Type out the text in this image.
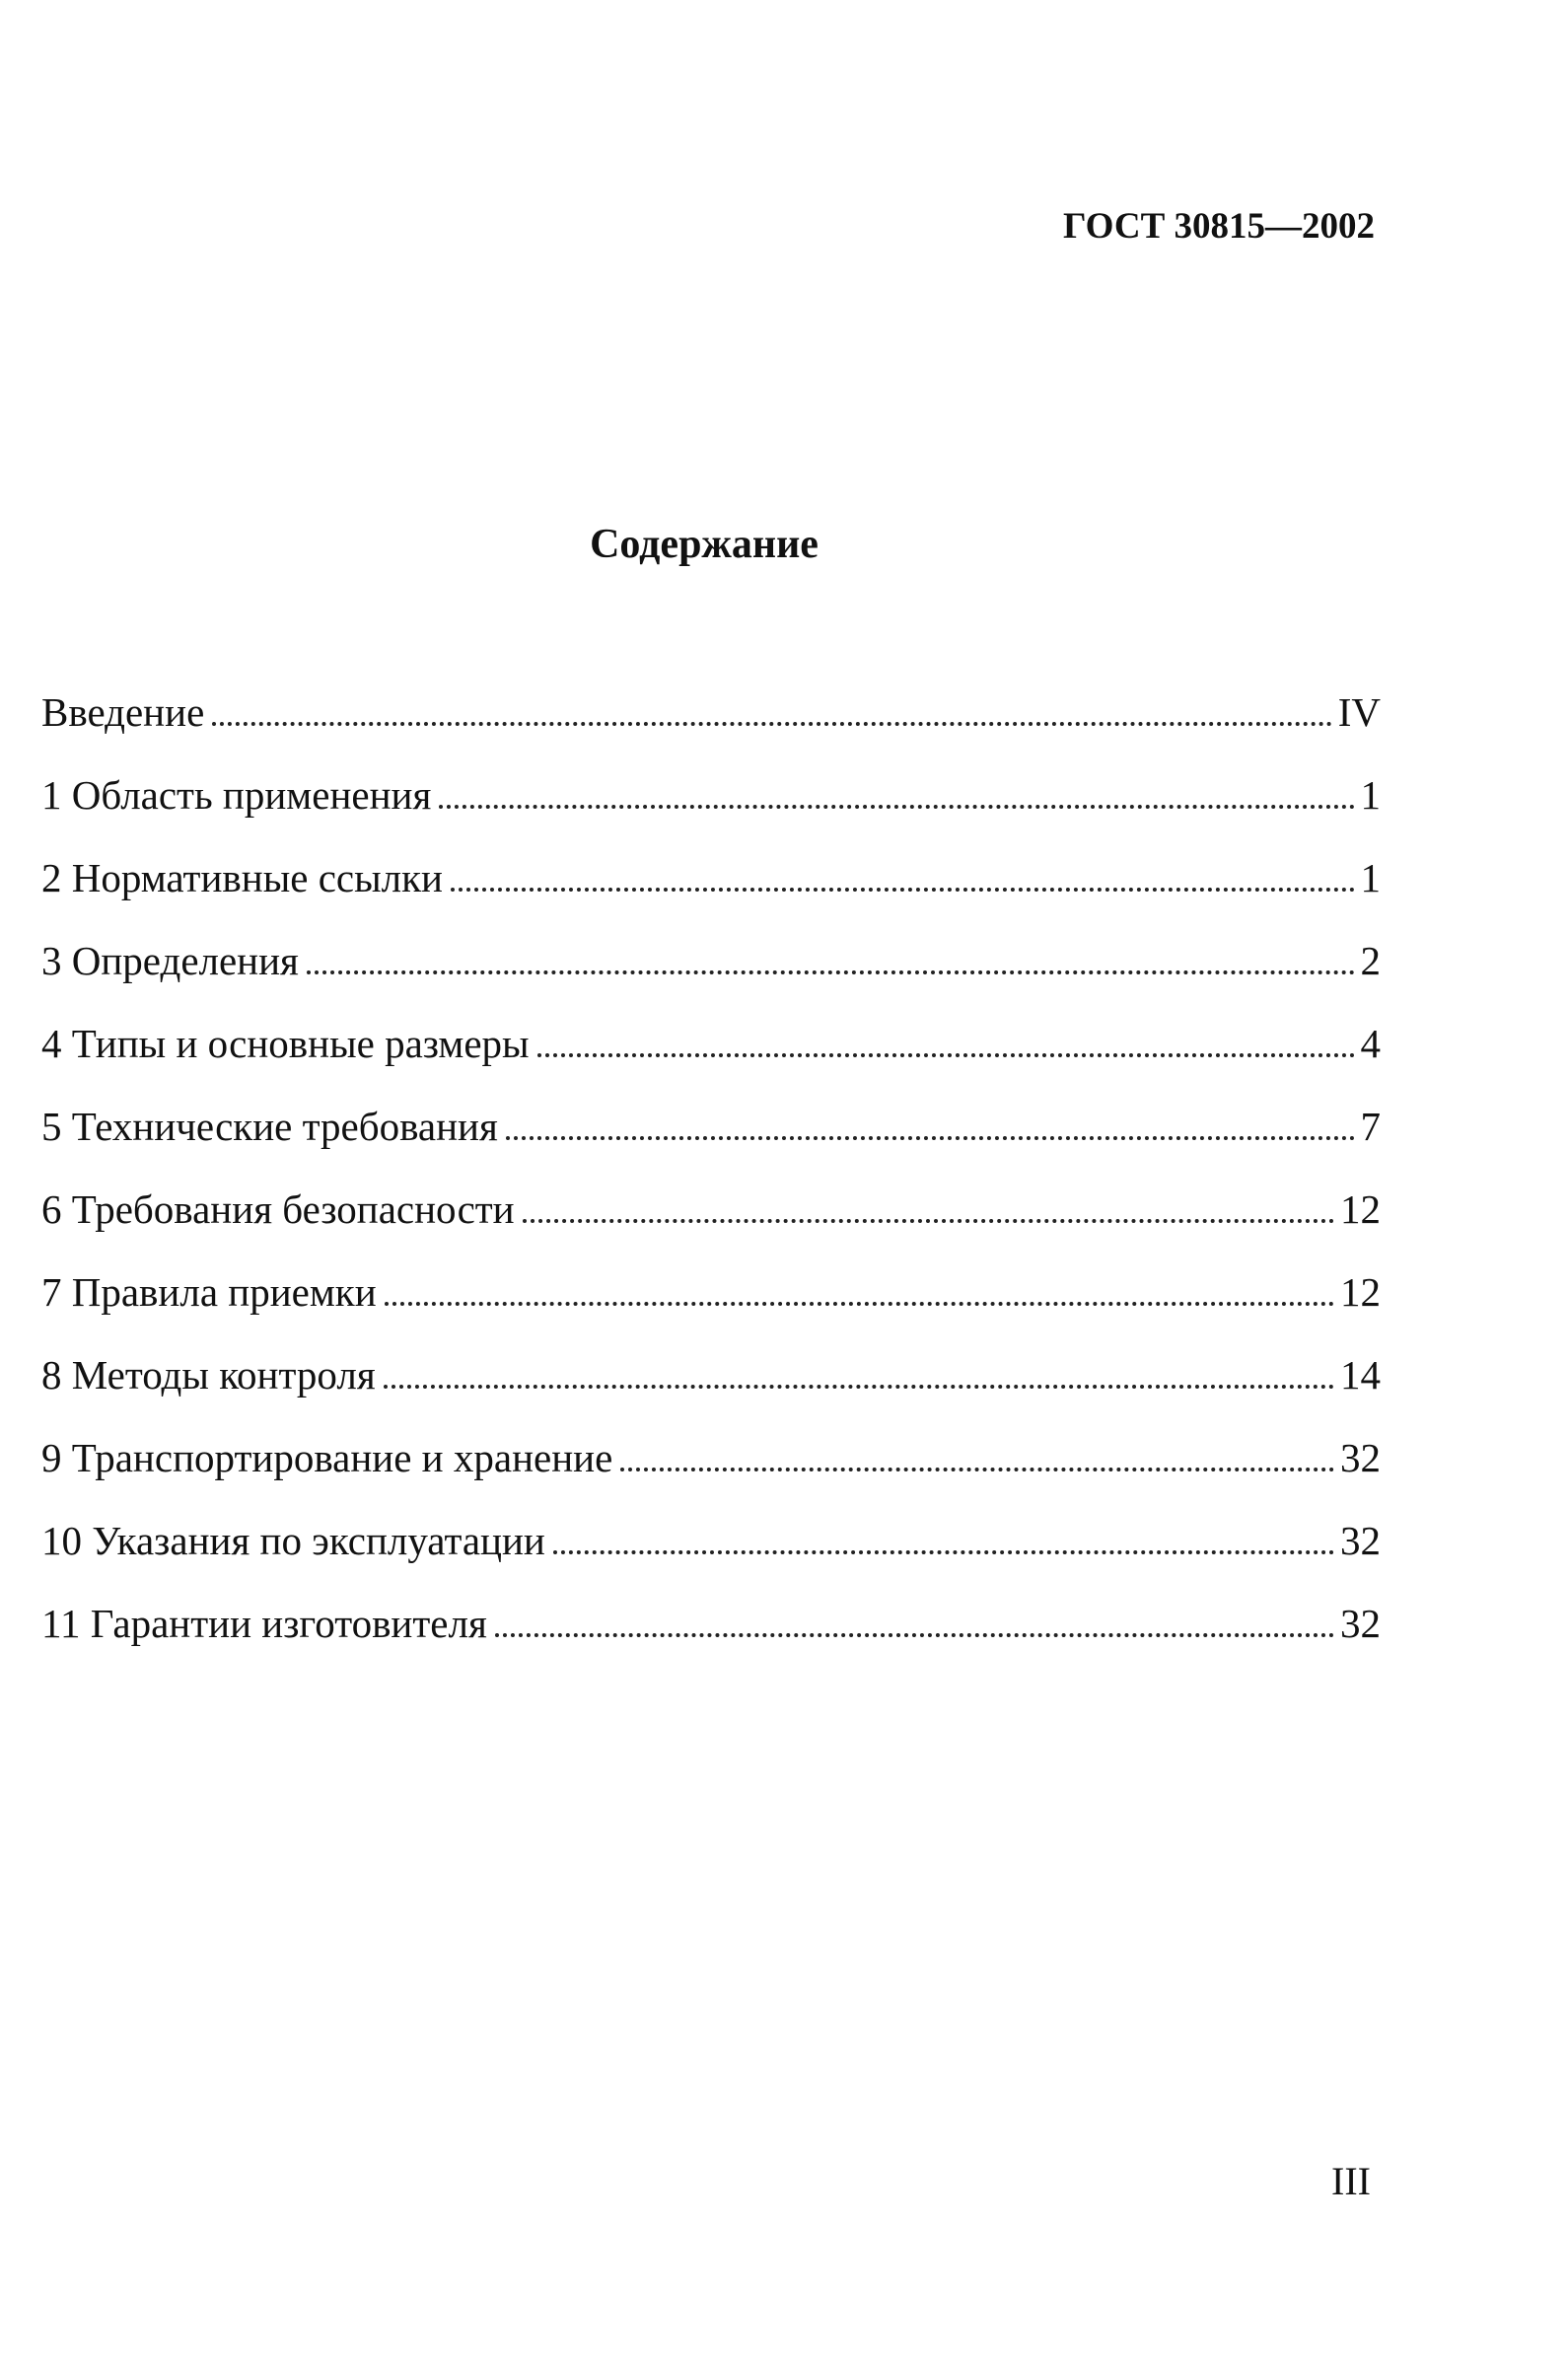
ГОСТ 30815—2002
Содержание
Введение	IV
1 Область применения	1
2 Нормативные ссылки	1
3 Определения	2
4 Типы и основные размеры	4
5 Технические требования	7
6 Требования безопасности	12
7 Правила приемки	12
8 Методы контроля	14
9 Транспортирование и хранение	32
10 Указания по эксплуатации	32
11 Гарантии изготовителя	32
III
